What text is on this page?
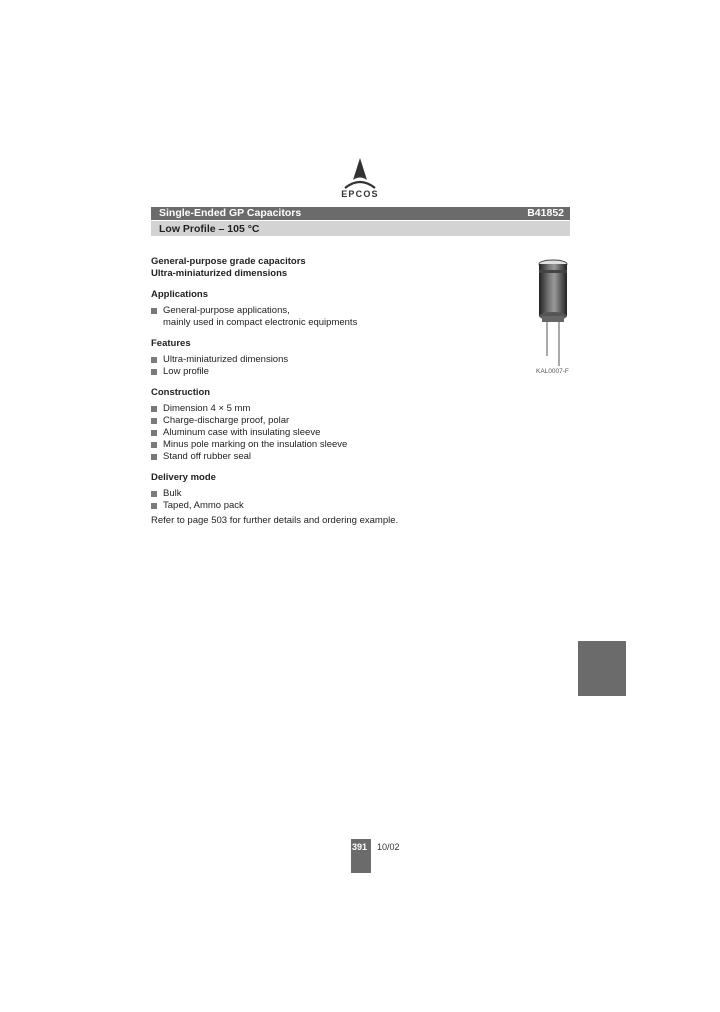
EPCOS
Single-Ended GP Capacitors	B41852
Low Profile – 105 °C
General-purpose grade capacitors
Ultra-miniaturized dimensions
Applications
General-purpose applications,
mainly used in compact electronic equipments
Features
Ultra-miniaturized dimensions
Low profile
Construction
Dimension 4 × 5 mm
Charge-discharge proof, polar
Aluminum case with insulating sleeve
Minus pole marking on the insulation sleeve
Stand off rubber seal
Delivery mode
Bulk
Taped, Ammo pack
Refer to page 503 for further details and ordering example.
KAL0007-F
391 10/02
